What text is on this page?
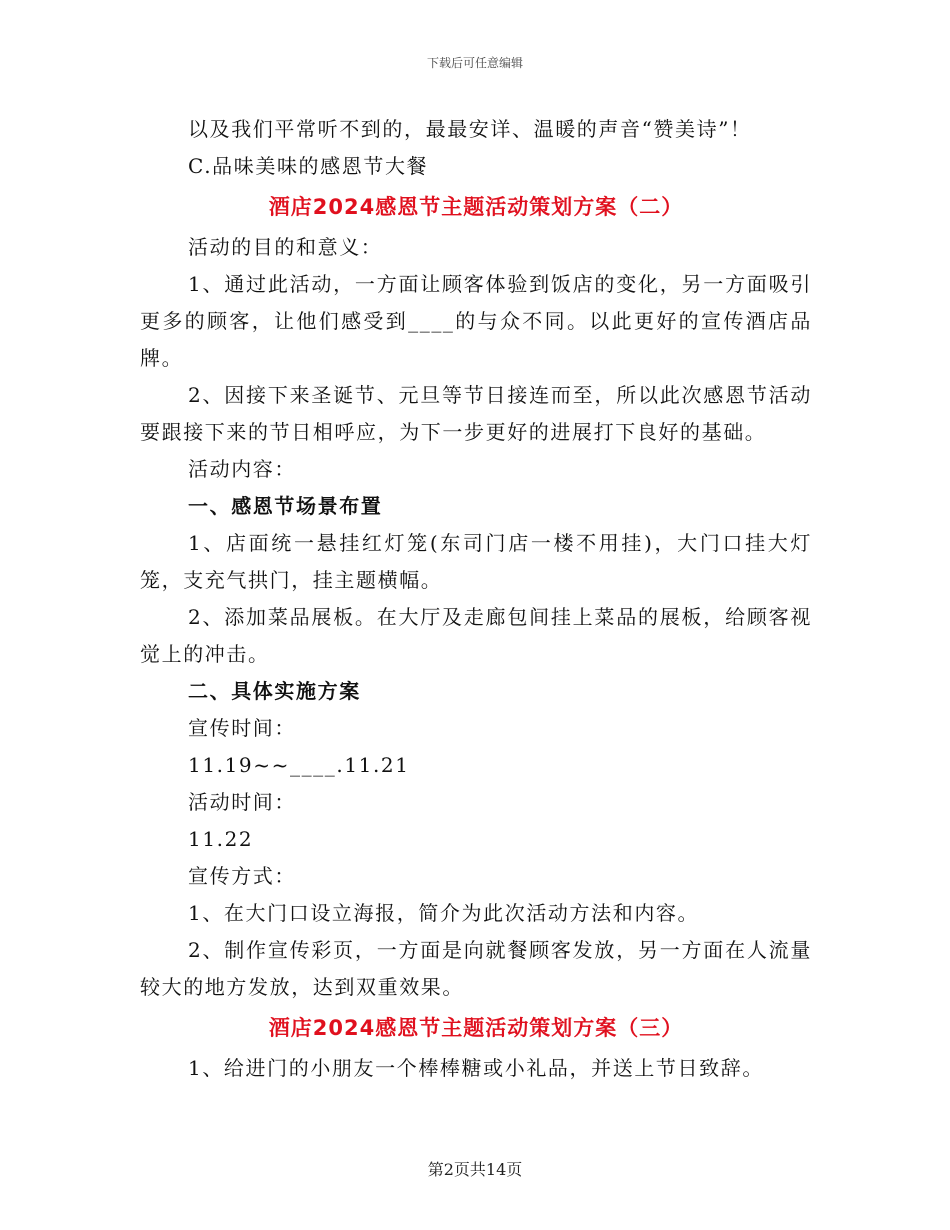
下载后可任意编辑

以及我们平常听不到的，最最安详、温暖的声音“赞美诗”！

C.品味美味的感恩节大餐

酒店2024感恩节主题活动策划方案（二）

活动的目的和意义：

1、通过此活动，一方面让顾客体验到饭店的变化，另一方面吸引更多的顾客，让他们感受到____的与众不同。以此更好的宣传酒店品牌。

2、因接下来圣诞节、元旦等节日接连而至，所以此次感恩节活动要跟接下来的节日相呼应，为下一步更好的进展打下良好的基础。

活动内容：

一、感恩节场景布置

1、店面统一悬挂红灯笼(东司门店一楼不用挂)，大门口挂大灯笼，支充气拱门，挂主题横幅。

2、添加菜品展板。在大厅及走廊包间挂上菜品的展板，给顾客视觉上的冲击。

二、具体实施方案

宣传时间：

11.19~~____.11.21

活动时间：

11.22

宣传方式：

1、在大门口设立海报，简介为此次活动方法和内容。

2、制作宣传彩页，一方面是向就餐顾客发放，另一方面在人流量较大的地方发放，达到双重效果。

酒店2024感恩节主题活动策划方案（三）

1、给进门的小朋友一个棒棒糖或小礼品，并送上节日致辞。

第2页共14页
